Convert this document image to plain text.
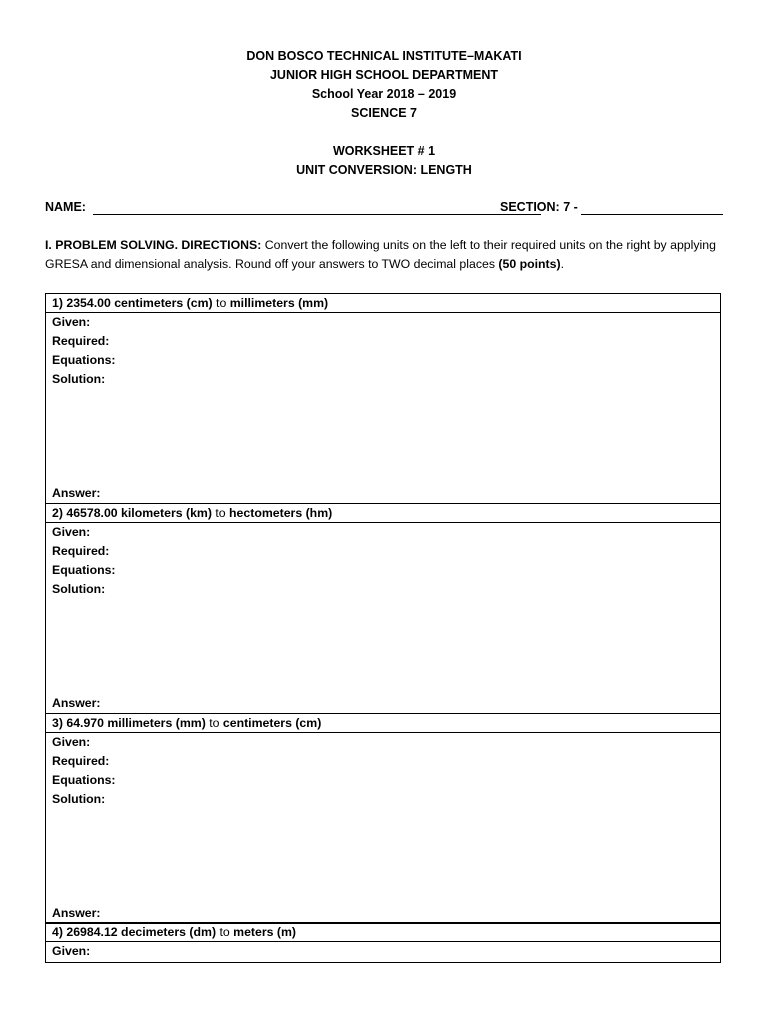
DON BOSCO TECHNICAL INSTITUTE–MAKATI
JUNIOR HIGH SCHOOL DEPARTMENT
School Year 2018 – 2019
SCIENCE 7
WORKSHEET # 1
UNIT CONVERSION: LENGTH
NAME:	SECTION: 7 -
I. PROBLEM SOLVING. DIRECTIONS: Convert the following units on the left to their required units on the right by applying GRESA and dimensional analysis. Round off your answers to TWO decimal places (50 points).
1) 2354.00 centimeters (cm) to millimeters (mm)
Given:
Required:
Equations:
Solution:
Answer:
2) 46578.00 kilometers (km) to hectometers (hm)
Given:
Required:
Equations:
Solution:
Answer:
3) 64.970 millimeters (mm) to centimeters (cm)
Given:
Required:
Equations:
Solution:
Answer:
4) 26984.12 decimeters (dm) to meters (m)
Given:
